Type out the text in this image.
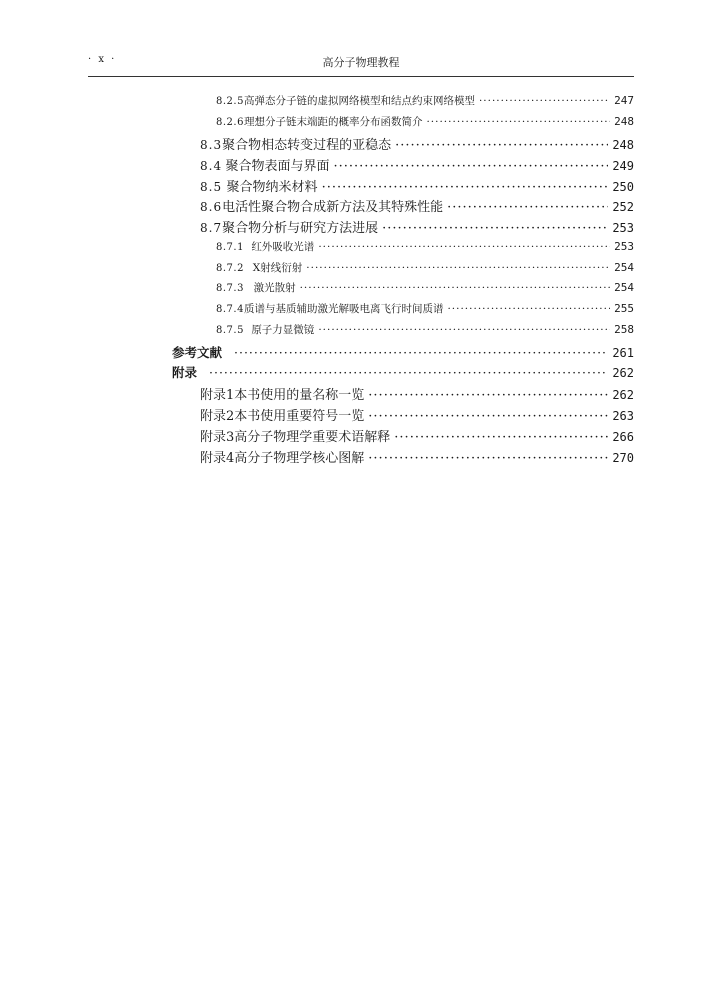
· x ·	高分子物理教程
8.2.5 高弹态分子链的虚拟网络模型和结点约束网络模型 ·····	247
8.2.6 理想分子链末端距的概率分布函数简介 ·····	248
8.3 聚合物相态转变过程的亚稳态 ·····	248
8.4 聚合物表面与界面 ·····	249
8.5 聚合物纳米材料 ·····	250
8.6 电活性聚合物合成新方法及其特殊性能 ·····	252
8.7 聚合物分析与研究方法进展 ·····	253
8.7.1 红外吸收光谱 ·····	253
8.7.2 X射线衍射 ·····	254
8.7.3 激光散射 ·····	254
8.7.4 质谱与基质辅助激光解吸电离飞行时间质谱 ·····	255
8.7.5 原子力显微镜 ·····	258
参考文献 ·····	261
附录 ·····	262
附录1 本书使用的量名称一览 ·····	262
附录2 本书使用重要符号一览 ·····	263
附录3 高分子物理学重要术语解释 ·····	266
附录4 高分子物理学核心图解 ·····	270
